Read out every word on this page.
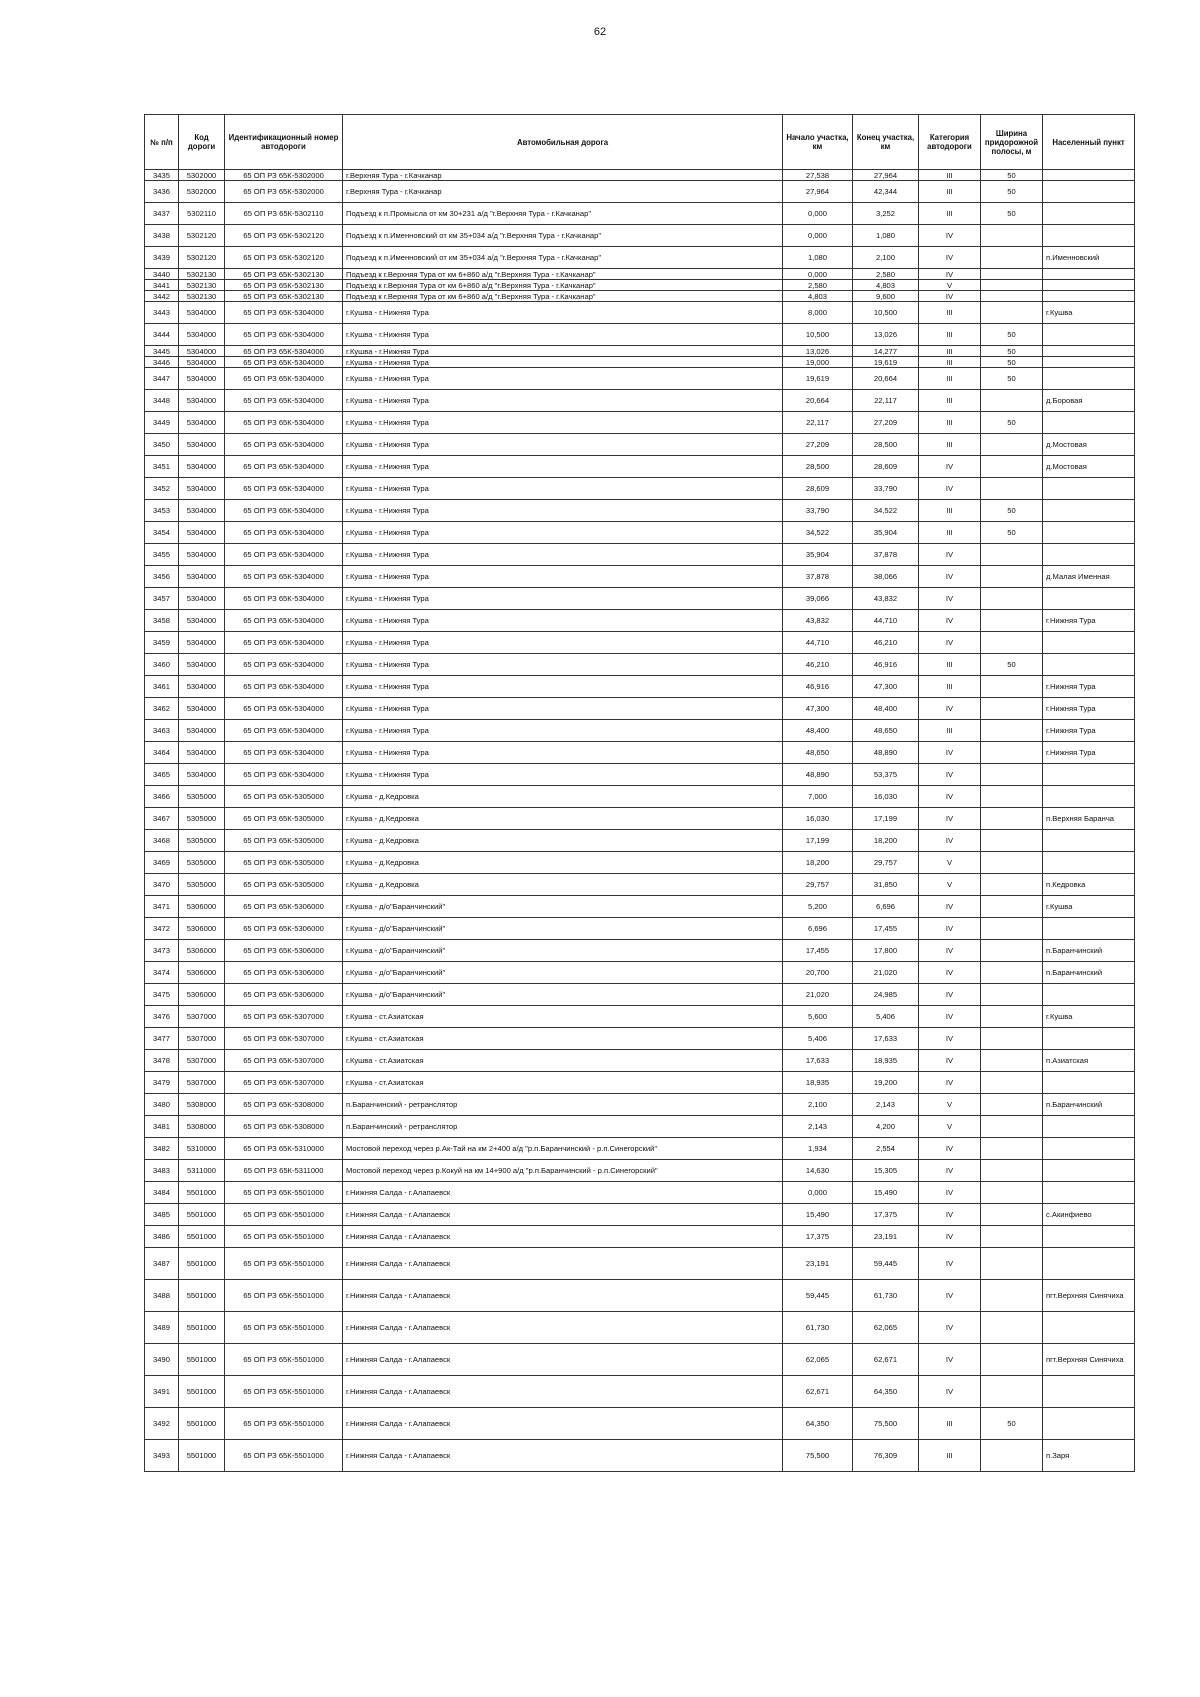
62
№ п/п	Код дороги	Идентификационный номер автодороги	Автомобильная дорога	Начало участка, км	Конец участка, км	Категория автодороги	Ширина придорожной полосы, м	Населенный пункт
3435	5302000	65 ОП РЗ 65К-5302000	г.Верхняя Тура - г.Качканар	27,538	27,964	III	50	
3436	5302000	65 ОП РЗ 65К-5302000	г.Верхняя Тура - г.Качканар	27,964	42,344	III	50	
3437	5302110	65 ОП РЗ 65К-5302110	Подъезд к п.Промысла от км 30+231 а/д "г.Верхняя Тура - г.Качканар"	0,000	3,252	III	50	
3438	5302120	65 ОП РЗ 65К-5302120	Подъезд к п.Именновский от км 35+034 а/д "г.Верхняя Тура - г.Качканар"	0,000	1,080	IV		
3439	5302120	65 ОП РЗ 65К-5302120	Подъезд к п.Именновский от км 35+034 а/д "г.Верхняя Тура - г.Качканар"	1,080	2,100	IV		п.Именновский
3440	5302130	65 ОП РЗ 65К-5302130	Подъезд к г.Верхняя Тура от км 6+860 а/д "г.Верхняя Тура - г.Качканар"	0,000	2,580	IV		
3441	5302130	65 ОП РЗ 65К-5302130	Подъезд к г.Верхняя Тура от км 6+860 а/д "г.Верхняя Тура - г.Качканар"	2,580	4,803	V		
3442	5302130	65 ОП РЗ 65К-5302130	Подъезд к г.Верхняя Тура от км 6+860 а/д "г.Верхняя Тура - г.Качканар"	4,803	9,600	IV		
3443	5304000	65 ОП РЗ 65К-5304000	г.Кушва - г.Нижняя Тура	8,000	10,500	III		г.Кушва
3444	5304000	65 ОП РЗ 65К-5304000	г.Кушва - г.Нижняя Тура	10,500	13,026	III	50	
3445	5304000	65 ОП РЗ 65К-5304000	г.Кушва - г.Нижняя Тура	13,026	14,277	III	50	
3446	5304000	65 ОП РЗ 65К-5304000	г.Кушва - г.Нижняя Тура	19,000	19,619	III	50	
3447	5304000	65 ОП РЗ 65К-5304000	г.Кушва - г.Нижняя Тура	19,619	20,664	III	50	
3448	5304000	65 ОП РЗ 65К-5304000	г.Кушва - г.Нижняя Тура	20,664	22,117	III		д.Боровая
3449	5304000	65 ОП РЗ 65К-5304000	г.Кушва - г.Нижняя Тура	22,117	27,209	III	50	
3450	5304000	65 ОП РЗ 65К-5304000	г.Кушва - г.Нижняя Тура	27,209	28,500	III		д.Мостовая
3451	5304000	65 ОП РЗ 65К-5304000	г.Кушва - г.Нижняя Тура	28,500	28,609	IV		д.Мостовая
3452	5304000	65 ОП РЗ 65К-5304000	г.Кушва - г.Нижняя Тура	28,609	33,790	IV		
3453	5304000	65 ОП РЗ 65К-5304000	г.Кушва - г.Нижняя Тура	33,790	34,522	III	50	
3454	5304000	65 ОП РЗ 65К-5304000	г.Кушва - г.Нижняя Тура	34,522	35,904	III	50	
3455	5304000	65 ОП РЗ 65К-5304000	г.Кушва - г.Нижняя Тура	35,904	37,878	IV		
3456	5304000	65 ОП РЗ 65К-5304000	г.Кушва - г.Нижняя Тура	37,878	38,066	IV		д.Малая Именная
3457	5304000	65 ОП РЗ 65К-5304000	г.Кушва - г.Нижняя Тура	39,066	43,832	IV		
3458	5304000	65 ОП РЗ 65К-5304000	г.Кушва - г.Нижняя Тура	43,832	44,710	IV		г.Нижняя Тура
3459	5304000	65 ОП РЗ 65К-5304000	г.Кушва - г.Нижняя Тура	44,710	46,210	IV		
3460	5304000	65 ОП РЗ 65К-5304000	г.Кушва - г.Нижняя Тура	46,210	46,916	III	50	
3461	5304000	65 ОП РЗ 65К-5304000	г.Кушва - г.Нижняя Тура	46,916	47,300	III		г.Нижняя Тура
3462	5304000	65 ОП РЗ 65К-5304000	г.Кушва - г.Нижняя Тура	47,300	48,400	IV		г.Нижняя Тура
3463	5304000	65 ОП РЗ 65К-5304000	г.Кушва - г.Нижняя Тура	48,400	48,650	III		г.Нижняя Тура
3464	5304000	65 ОП РЗ 65К-5304000	г.Кушва - г.Нижняя Тура	48,650	48,890	IV		г.Нижняя Тура
3465	5304000	65 ОП РЗ 65К-5304000	г.Кушва - г.Нижняя Тура	48,890	53,375	IV		
3466	5305000	65 ОП РЗ 65К-5305000	г.Кушва - д.Кедровка	7,000	16,030	IV		
3467	5305000	65 ОП РЗ 65К-5305000	г.Кушва - д.Кедровка	16,030	17,199	IV		п.Верхняя Баранча
3468	5305000	65 ОП РЗ 65К-5305000	г.Кушва - д.Кедровка	17,199	18,200	IV		
3469	5305000	65 ОП РЗ 65К-5305000	г.Кушва - д.Кедровка	18,200	29,757	V		
3470	5305000	65 ОП РЗ 65К-5305000	г.Кушва - д.Кедровка	29,757	31,850	V		п.Кедровка
3471	5306000	65 ОП РЗ 65К-5306000	г.Кушва - д/о"Баранчинский"	5,200	6,696	IV		г.Кушва
3472	5306000	65 ОП РЗ 65К-5306000	г.Кушва - д/о"Баранчинский"	6,696	17,455	IV		
3473	5306000	65 ОП РЗ 65К-5306000	г.Кушва - д/о"Баранчинский"	17,455	17,800	IV		п.Баранчинский
3474	5306000	65 ОП РЗ 65К-5306000	г.Кушва - д/о"Баранчинский"	20,700	21,020	IV		п.Баранчинский
3475	5306000	65 ОП РЗ 65К-5306000	г.Кушва - д/о"Баранчинский"	21,020	24,985	IV		
3476	5307000	65 ОП РЗ 65К-5307000	г.Кушва - ст.Азиатская	5,600	5,406	IV		г.Кушва
3477	5307000	65 ОП РЗ 65К-5307000	г.Кушва - ст.Азиатская	5,406	17,633	IV		
3478	5307000	65 ОП РЗ 65К-5307000	г.Кушва - ст.Азиатская	17,633	18,935	IV		п.Азиатская
3479	5307000	65 ОП РЗ 65К-5307000	г.Кушва - ст.Азиатская	18,935	19,200	IV		
3480	5308000	65 ОП РЗ 65К-5308000	п.Баранчинский - ретранслятор	2,100	2,143	V		п.Баранчинский
3481	5308000	65 ОП РЗ 65К-5308000	п.Баранчинский - ретранслятор	2,143	4,200	V		
3482	5310000	65 ОП РЗ 65К-5310000	Мостовой переход через р.Ак-Тай на км 2+400 а/д "р.п.Баранчинский - р.п.Синегорский"	1,934	2,554	IV		
3483	5311000	65 ОП РЗ 65К-5311000	Мостовой переход через р.Кокуй на км 14+900 а/д "р.п.Баранчинский - р.п.Синегорский"	14,630	15,305	IV		
3484	5501000	65 ОП РЗ 65К-5501000	г.Нижняя Салда - г.Алапаевск	0,000	15,490	IV		
3485	5501000	65 ОП РЗ 65К-5501000	г.Нижняя Салда - г.Алапаевск	15,490	17,375	IV		с.Акинфиево
3486	5501000	65 ОП РЗ 65К-5501000	г.Нижняя Салда - г.Алапаевск	17,375	23,191	IV		
3487	5501000	65 ОП РЗ 65К-5501000	г.Нижняя Салда - г.Алапаевск	23,191	59,445	IV		
3488	5501000	65 ОП РЗ 65К-5501000	г.Нижняя Салда - г.Алапаевск	59,445	61,730	IV		пгт.Верхняя Синячиха
3489	5501000	65 ОП РЗ 65К-5501000	г.Нижняя Салда - г.Алапаевск	61,730	62,065	IV		
3490	5501000	65 ОП РЗ 65К-5501000	г.Нижняя Салда - г.Алапаевск	62,065	62,671	IV		пгт.Верхняя Синячиха
3491	5501000	65 ОП РЗ 65К-5501000	г.Нижняя Салда - г.Алапаевск	62,671	64,350	IV		
3492	5501000	65 ОП РЗ 65К-5501000	г.Нижняя Салда - г.Алапаевск	64,350	75,500	III	50	
3493	5501000	65 ОП РЗ 65К-5501000	г.Нижняя Салда - г.Алапаевск	75,500	76,309	III		п.Заря
